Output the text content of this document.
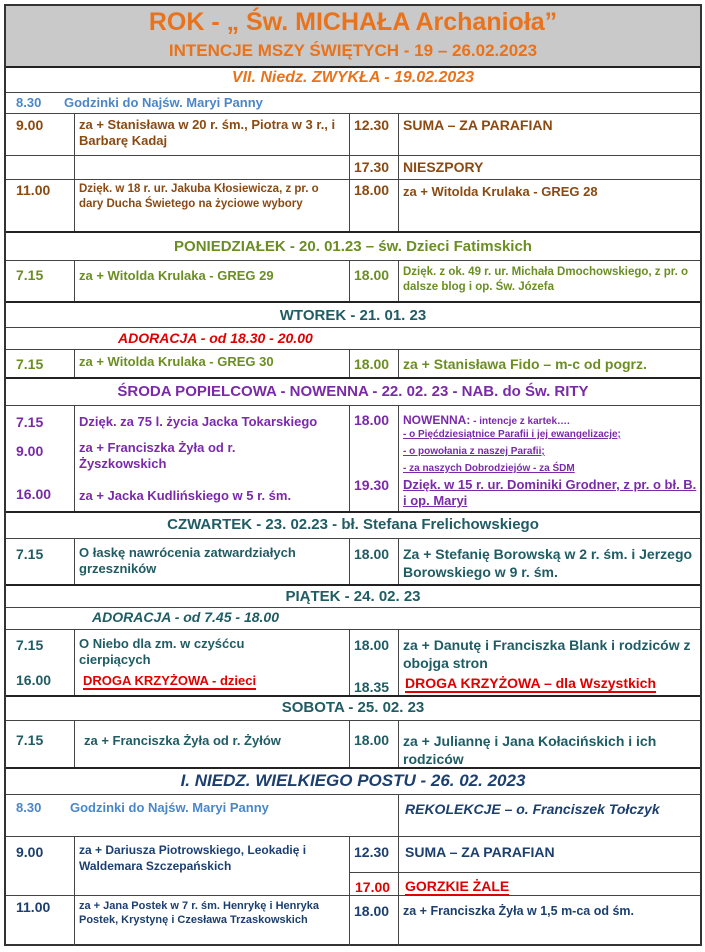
ROK - „ Św. MICHAŁA Archanioła”
INTENCJE MSZY ŚWIĘTYCH - 19 – 26.02.2023
VII. Niedz. ZWYKŁA - 19.02.2023
8.30 Godzinki do Najśw. Maryi Panny
9.00	za + Stanisława w 20 r. śm., Piotra w 3 r., i Barbarę Kadaj
12.30 SUMA – ZA PARAFIAN
17.30 NIESZPORY
11.00 Dzięk. w 18 r. ur. Jakuba Kłosiewicza, z pr. o dary Ducha Świetego na życiowe wybory
18.00 za + Witolda Krulaka - GREG 28
PONIEDZIAŁEK - 20. 01.23 – św. Dzieci Fatimskich
7.15	za + Witolda Krulaka - GREG 29	18.00 Dzięk. z ok. 49 r. ur. Michała Dmochowskiego, z pr. o dalsze blog i op. Św. Józefa
WTOREK - 21. 01. 23
ADORACJA - od 18.30 - 20.00
7.15	za + Witolda Krulaka - GREG 30	18.00 za + Stanisława Fido – m-c od pogrz.
ŚRODA POPIELCOWA - NOWENNA - 22. 02. 23 - NAB. do Św. RITY
7.15	Dzięk. za 75 l. życia Jacka Tokarskiego
9.00	za + Franciszka Żyła od r. Żyszkowskich
16.00 za + Jacka Kudlińskiego w 5 r. śm.
18.00 NOWENNA: - intencje z kartek….
- o Pięćdziesiątnice Parafii i jej ewangelizacje;
- o powołania z naszej Parafii;
- za naszych Dobrodziejów - za ŚDM
19.30 Dzięk. w 15 r. ur. Dominiki Grodner, z pr. o bł. B. i op. Maryi
CZWARTEK - 23. 02.23 - bł. Stefana Frelichowskiego
7.15	O łaskę nawrócenia zatwardziałych grzeszników
18.00 Za + Stefanię Borowską w 2 r. śm. i Jerzego Borowskiego w 9 r. śm.
PIĄTEK - 24. 02. 23
ADORACJA - od 7.45 - 18.00
7.15	O Niebo dla zm. w czyśćcu cierpiących
16.00 DROGA KRZYŻOWA - dzieci
18.00 za + Danutę i Franciszka Blank i rodziców z obojga stron
18.35 DROGA KRZYŻOWA – dla Wszystkich
SOBOTA - 25. 02. 23
7.15	za + Franciszka Żyła od r. Żyłów	18.00 za + Juliannę i Jana Kołacińskich i ich rodziców
I. NIEDZ. WIELKIEGO POSTU - 26. 02. 2023
8.30 Godzinki do Najśw. Maryi Panny	REKOLEKCJE – o. Franciszek Tołczyk
9.00	za + Dariusza Piotrowskiego, Leokadię i Waldemara Szczepańskich
12.30 SUMA – ZA PARAFIAN
17.00 GORZKIE ŻALE
11.00	za + Jana Postek w 7 r. śm. Henrykę i Henryka Postek, Krystynę i Czesława Trzaskowskich
18.00 za + Franciszka Żyła w 1,5 m-ca od śm.
